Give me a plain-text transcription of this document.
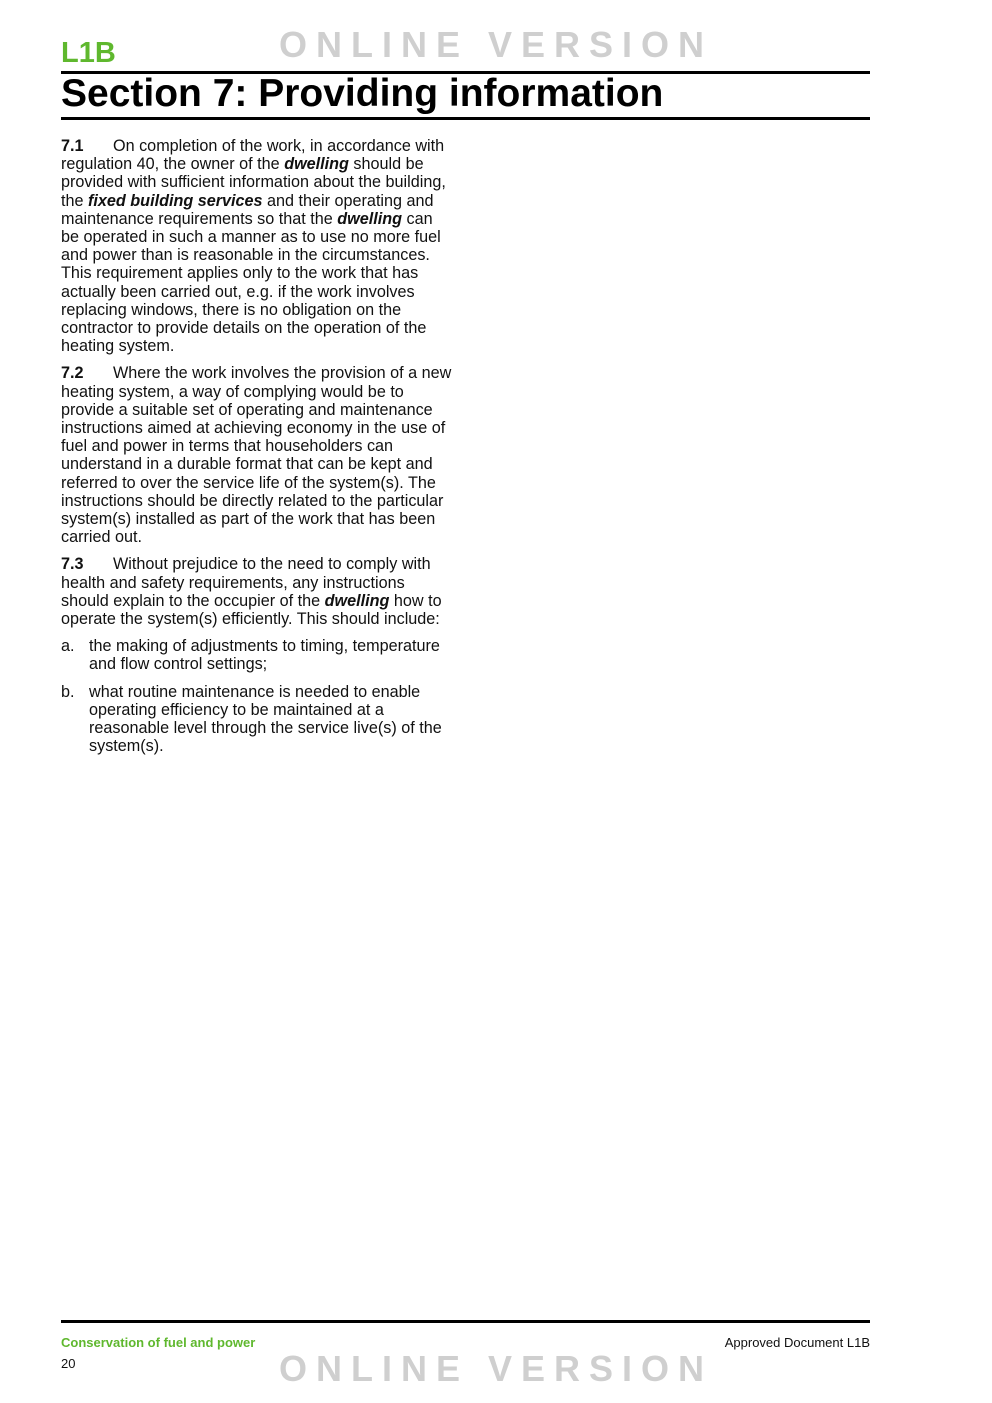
ONLINE VERSION
L1B
Section 7: Providing information

7.1 On completion of the work, in accordance with regulation 40, the owner of the dwelling should be provided with sufficient information about the building, the fixed building services and their operating and maintenance requirements so that the dwelling can be operated in such a manner as to use no more fuel and power than is reasonable in the circumstances. This requirement applies only to the work that has actually been carried out, e.g. if the work involves replacing windows, there is no obligation on the contractor to provide details on the operation of the heating system.

7.2 Where the work involves the provision of a new heating system, a way of complying would be to provide a suitable set of operating and maintenance instructions aimed at achieving economy in the use of fuel and power in terms that householders can understand in a durable format that can be kept and referred to over the service life of the system(s). The instructions should be directly related to the particular system(s) installed as part of the work that has been carried out.

7.3 Without prejudice to the need to comply with health and safety requirements, any instructions should explain to the occupier of the dwelling how to operate the system(s) efficiently. This should include:

a. the making of adjustments to timing, temperature and flow control settings;
b. what routine maintenance is needed to enable operating efficiency to be maintained at a reasonable level through the service live(s) of the system(s).
Conservation of fuel and power	Approved Document L1B
20	ONLINE VERSION
